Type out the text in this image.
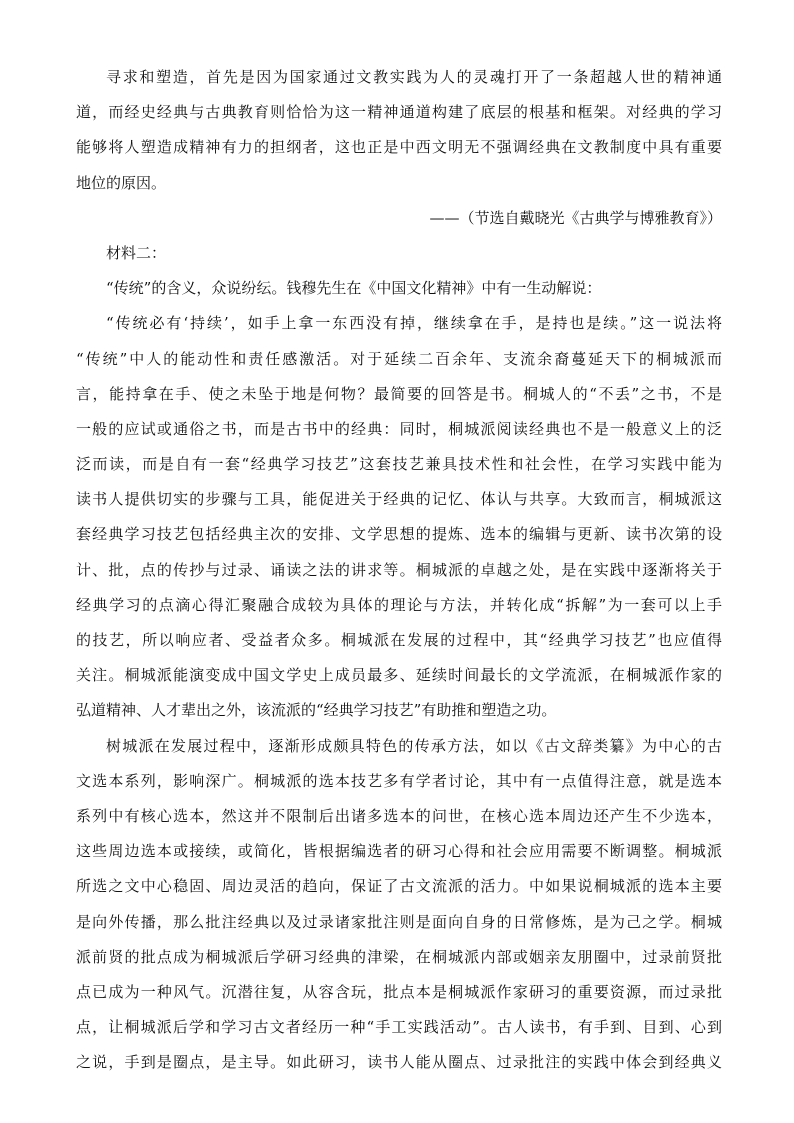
寻求和塑造，首先是因为国家通过文教实践为人的灵魂打开了一条超越人世的精神通
道，而经史经典与古典教育则恰恰为这一精神通道构建了底层的根基和框架。对经典的学习
能够将人塑造成精神有力的担纲者，这也正是中西文明无不强调经典在文教制度中具有重要
地位的原因。
——（节选自戴晓光《古典学与博雅教育》）
材料二：
“传统”的含义，众说纷纭。钱穆先生在《中国文化精神》中有一生动解说：
“传统必有‘持续’，如手上拿一东西没有掉，继续拿在手，是持也是续。”这一说法将
“传统”中人的能动性和责任感激活。对于延续二百余年、支流余裔蔓延天下的桐城派而
言，能持拿在手、使之未坠于地是何物？最简要的回答是书。桐城人的“不丢”之书，不是
一般的应试或通俗之书，而是古书中的经典：同时，桐城派阅读经典也不是一般意义上的泛
泛而读，而是自有一套“经典学习技艺”这套技艺兼具技术性和社会性，在学习实践中能为
读书人提供切实的步骤与工具，能促进关于经典的记忆、体认与共享。大致而言，桐城派这
套经典学习技艺包括经典主次的安排、文学思想的提炼、选本的编辑与更新、读书次第的设
计、批，点的传抄与过录、诵读之法的讲求等。桐城派的卓越之处，是在实践中逐渐将关于
经典学习的点滴心得汇聚融合成较为具体的理论与方法，并转化成“拆解”为一套可以上手
的技艺，所以响应者、受益者众多。桐城派在发展的过程中，其“经典学习技艺”也应值得
关注。桐城派能演变成中国文学史上成员最多、延续时间最长的文学流派，在桐城派作家的
弘道精神、人才辈出之外，该流派的“经典学习技艺”有助推和塑造之功。
树城派在发展过程中，逐渐形成颇具特色的传承方法，如以《古文辞类纂》为中心的古
文选本系列，影响深广。桐城派的选本技艺多有学者讨论，其中有一点值得注意，就是选本
系列中有核心选本，然这并不限制后出诸多选本的问世，在核心选本周边还产生不少选本，
这些周边选本或接续，或简化，皆根据编选者的研习心得和社会应用需要不断调整。桐城派
所选之文中心稳固、周边灵活的趋向，保证了古文流派的活力。中如果说桐城派的选本主要
是向外传播，那么批注经典以及过录诸家批注则是面向自身的日常修炼，是为己之学。桐城
派前贤的批点成为桐城派后学研习经典的津梁，在桐城派内部或姻亲友朋圈中，过录前贤批
点已成为一种风气。沉潜往复，从容含玩，批点本是桐城派作家研习的重要资源，而过录批
点，让桐城派后学和学习古文者经历一种“手工实践活动”。古人读书，有手到、目到、心到
之说，手到是圈点，是主导。如此研习，读书人能从圈点、过录批注的实践中体会到经典义
